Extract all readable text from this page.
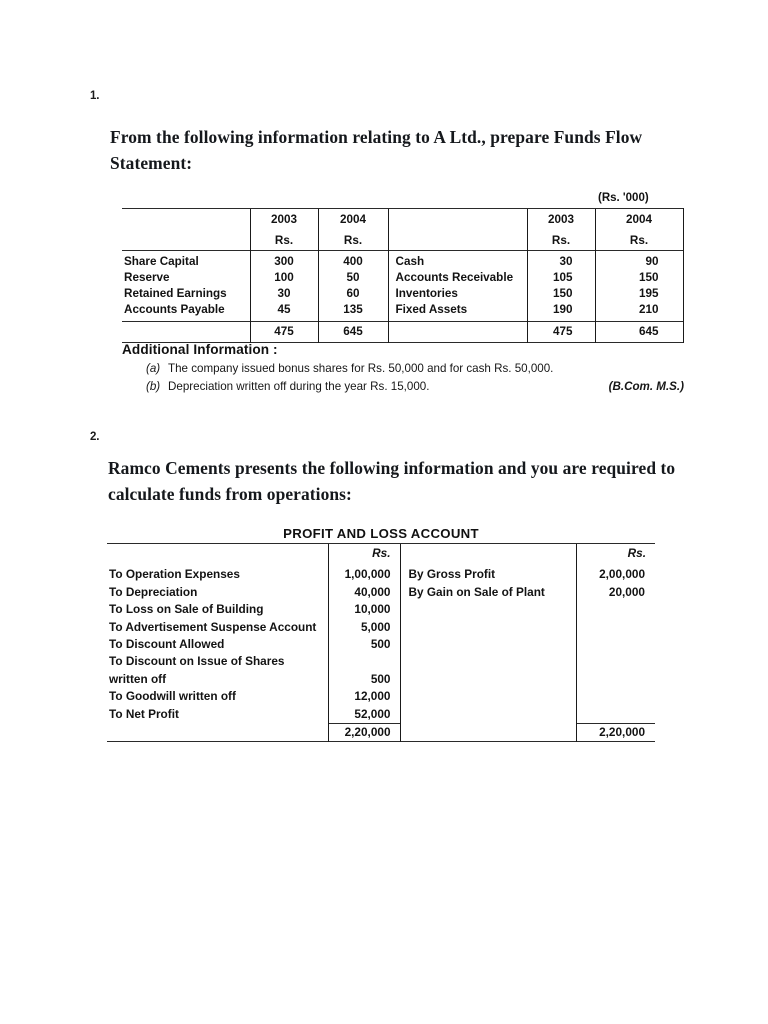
1.
From the following information relating to A Ltd., prepare Funds Flow Statement:
(Rs. '000)
	2003	2004		2003	2004
	Rs.	Rs.		Rs.	Rs.
Share Capital	300	400	Cash	30	90
Reserve	100	50	Accounts Receivable	105	150
Retained Earnings	30	60	Inventories	150	195
Accounts Payable	45	135	Fixed Assets	190	210
	475	645		475	645

Additional Information :
(a) The company issued bonus shares for Rs. 50,000 and for cash Rs. 50,000.
(b) Depreciation written off during the year Rs. 15,000.	(B.Com. M.S.)
2.
Ramco Cements presents the following information and you are required to calculate funds from operations:
PROFIT AND LOSS ACCOUNT
	Rs.		Rs.
To Operation Expenses	1,00,000	By Gross Profit	2,00,000
To Depreciation	40,000	By Gain on Sale of Plant	20,000
To Loss on Sale of Building	10,000		
To Advertisement Suspense Account	5,000		
To Discount Allowed	500		
To Discount on Issue of Shares			
written off	500		
To Goodwill written off	12,000		
To Net Profit	52,000		
	2,20,000		2,20,000
